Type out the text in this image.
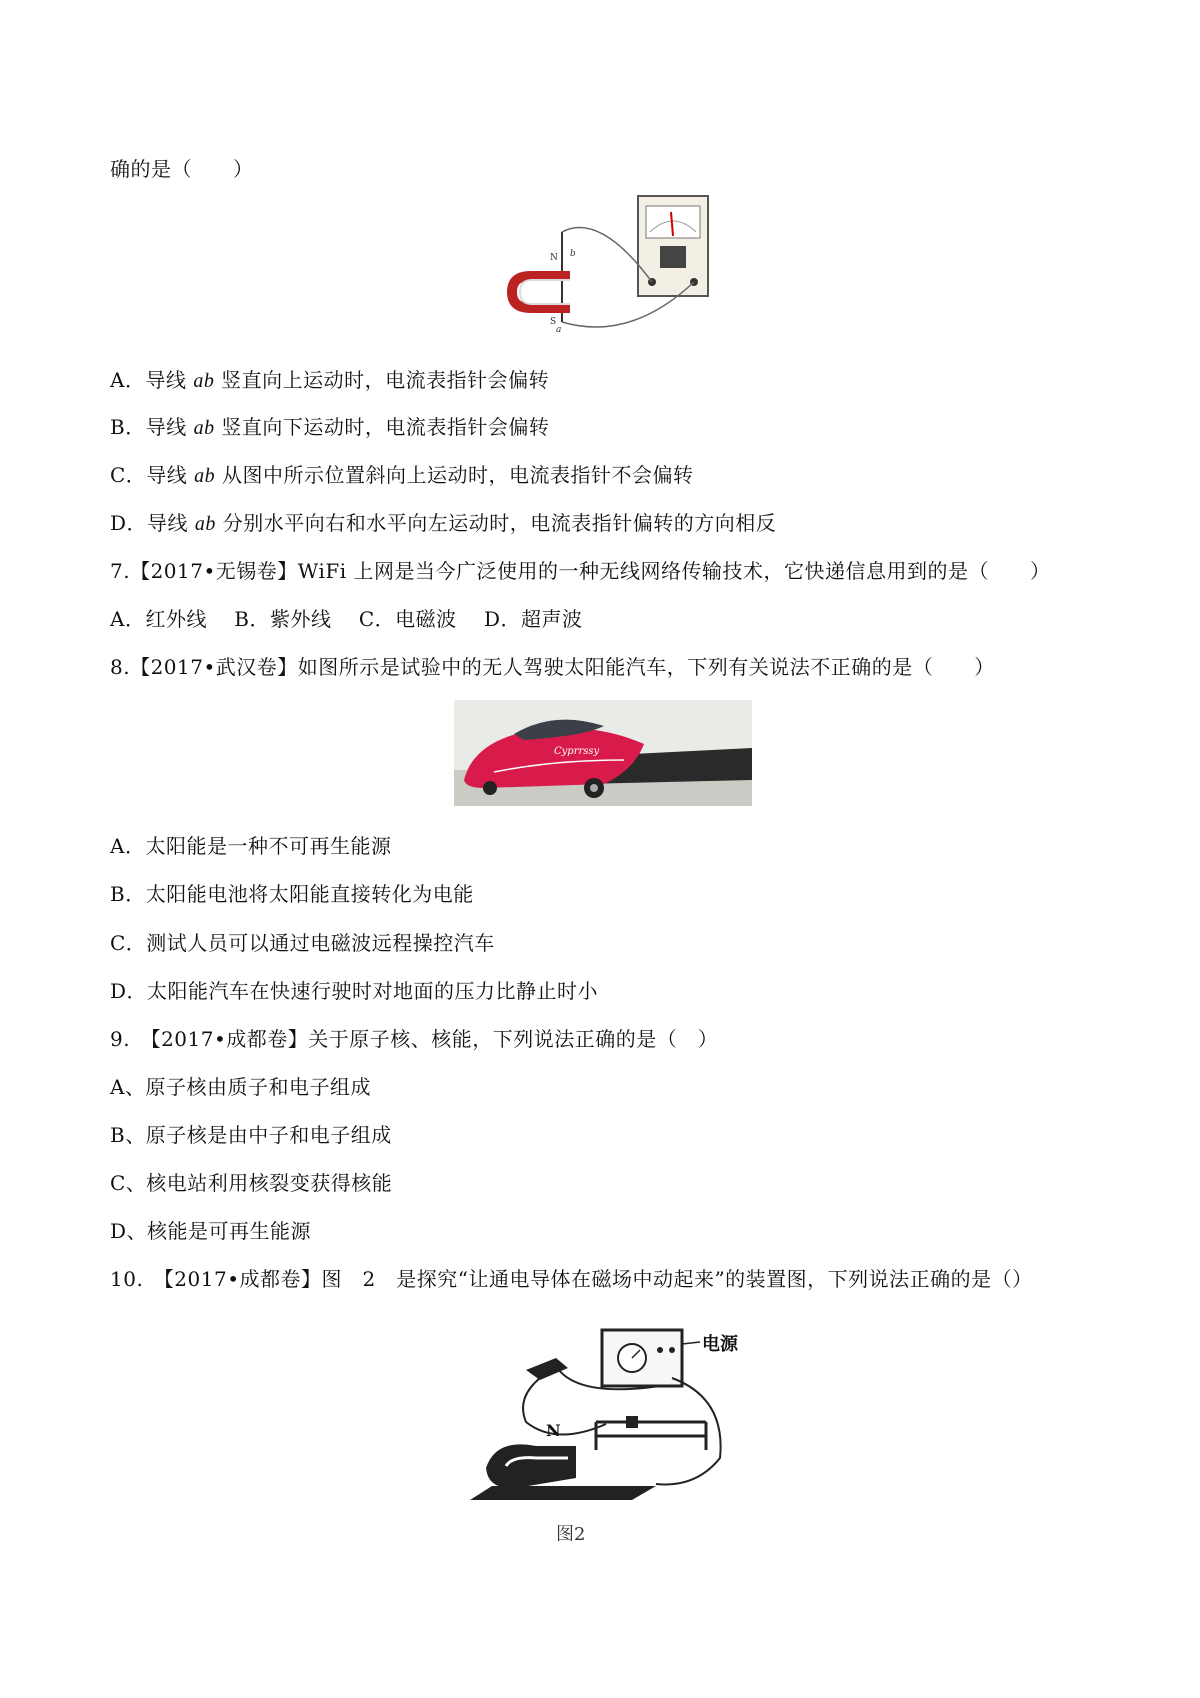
确的是（　　）
N
S
b
a
A．导线 ab 竖直向上运动时，电流表指针会偏转
B．导线 ab 竖直向下运动时，电流表指针会偏转
C．导线 ab 从图中所示位置斜向上运动时，电流表指针不会偏转
D．导线 ab 分别水平向右和水平向左运动时，电流表指针偏转的方向相反
7.【2017•无锡卷】WiFi 上网是当今广泛使用的一种无线网络传输技术，它快递信息用到的是（　　）
A．红外线　 B．紫外线　 C．电磁波　 D．超声波
8.【2017•武汉卷】如图所示是试验中的无人驾驶太阳能汽车，下列有关说法不正确的是（　　）
Cyprrssy
A．太阳能是一种不可再生能源
B．太阳能电池将太阳能直接转化为电能
C．测试人员可以通过电磁波远程操控汽车
D．太阳能汽车在快速行驶时对地面的压力比静止时小
9.　【2017•成都卷】关于原子核、核能，下列说法正确的是（　）
A、原子核由质子和电子组成
B、原子核是由中子和电子组成
C、核电站利用核裂变获得核能
D、核能是可再生能源
10.　【2017•成都卷】图　2　是探究“让通电导体在磁场中动起来”的装置图，下列说法正确的是（）
电源
N
图2
